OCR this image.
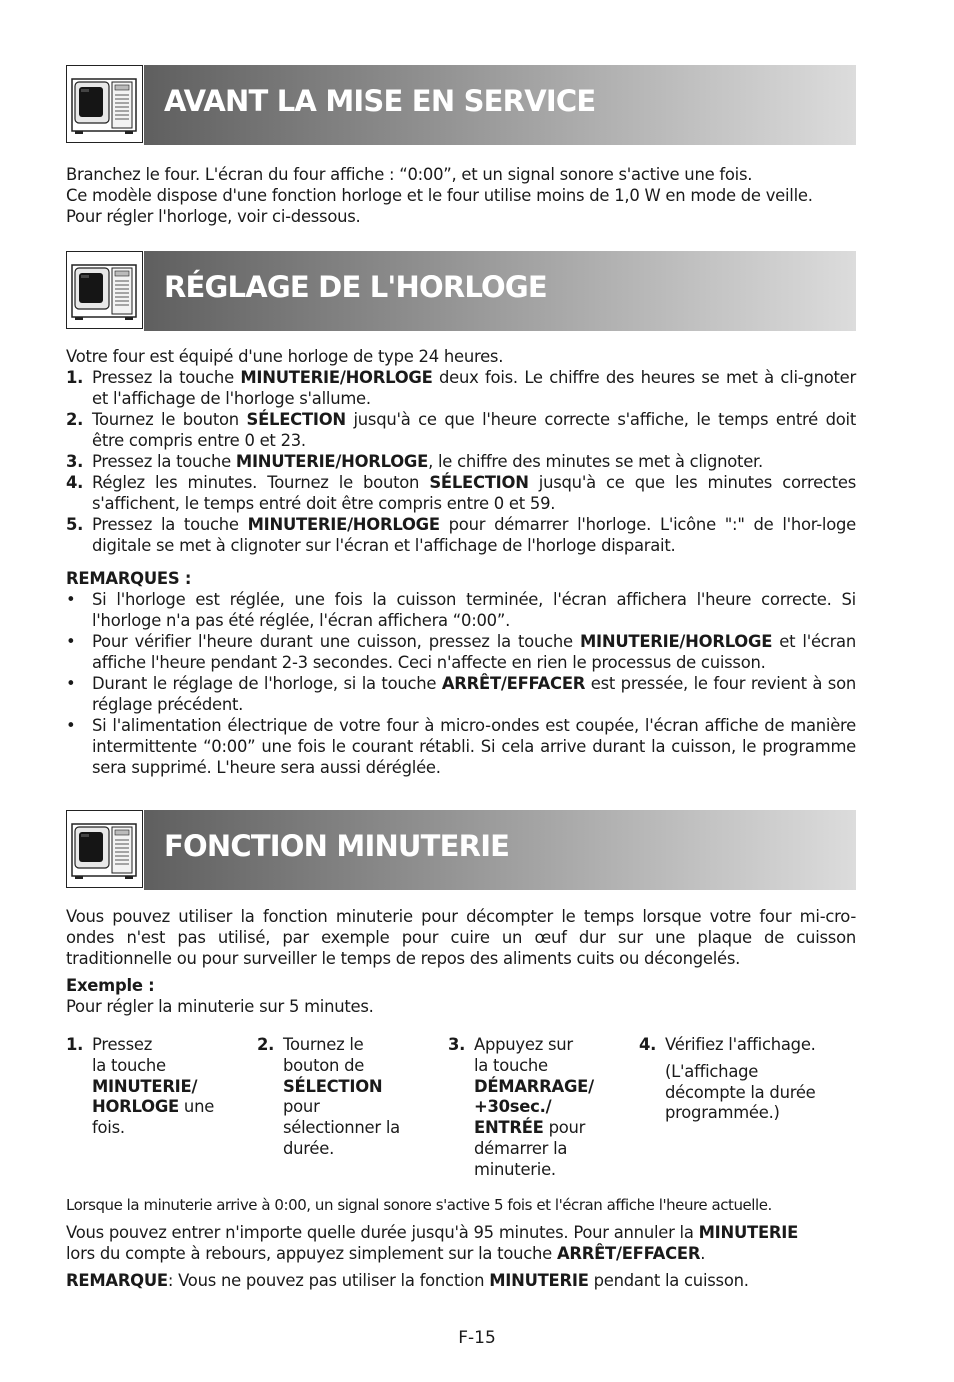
AVANT LA MISE EN SERVICE

Branchez le four. L'écran du four affiche : “0:00”, et un signal sonore s'active une fois.

Ce modèle dispose d'une fonction horloge et le four utilise moins de 1,0 W en mode de veille.

Pour régler l'horloge, voir ci-dessous.

RÉGLAGE DE L'HORLOGE

Votre four est équipé d'une horloge de type 24 heures.

1. Pressez la touche MINUTERIE/HORLOGE deux fois. Le chiffre des heures se met à cli-gnoter et l'affichage de l'horloge s'allume.
2. Tournez le bouton SÉLECTION jusqu'à ce que l'heure correcte s'affiche, le temps entré doit être compris entre 0 et 23.
3. Pressez la touche MINUTERIE/HORLOGE, le chiffre des minutes se met à clignoter.
4. Réglez les minutes. Tournez le bouton SÉLECTION jusqu'à ce que les minutes correctes s'affichent, le temps entré doit être compris entre 0 et 59.
5. Pressez la touche MINUTERIE/HORLOGE pour démarrer l'horloge. L'icône ":" de l'hor-loge digitale se met à clignoter sur l'écran et l'affichage de l'horloge disparait.

REMARQUES :

• Si l'horloge est réglée, une fois la cuisson terminée, l'écran affichera l'heure correcte. Si l'horloge n'a pas été réglée, l'écran affichera “0:00”.
• Pour vérifier l'heure durant une cuisson, pressez la touche MINUTERIE/HORLOGE et l'écran affiche l'heure pendant 2-3 secondes. Ceci n'affecte en rien le processus de cuisson.
• Durant le réglage de l'horloge, si la touche ARRÊT/EFFACER est pressée, le four revient à son réglage précédent.
• Si l'alimentation électrique de votre four à micro-ondes est coupée, l'écran affiche de manière intermittente “0:00” une fois le courant rétabli. Si cela arrive durant la cuisson, le programme sera supprimé. L'heure sera aussi déréglée.
FONCTION MINUTERIE

Vous pouvez utiliser la fonction minuterie pour décompter le temps lorsque votre four mi-cro-ondes n'est pas utilisé, par exemple pour cuire un œuf dur sur une plaque de cuisson traditionnelle ou pour surveiller le temps de repos des aliments cuits ou décongelés.

Exemple :

Pour régler la minuterie sur 5 minutes.

1. Pressez

la touche

MINUTERIE/

HORLOGE une

fois.

2. Tournez le

bouton de

SÉLECTION

pour

sélectionner la

durée.

3. Appuyez sur

la touche

DÉMARRAGE/

+30sec./

ENTRÉE pour

démarrer la

minuterie.

4. Vérifiez l'affichage.

(L'affichage

décompte la durée

programmée.)

Lorsque la minuterie arrive à 0:00, un signal sonore s'active 5 fois et l'écran affiche l'heure actuelle.

Vous pouvez entrer n'importe quelle durée jusqu'à 95 minutes. Pour annuler la MINUTERIE

lors du compte à rebours, appuyez simplement sur la touche ARRÊT/EFFACER.

REMARQUE: Vous ne pouvez pas utiliser la fonction MINUTERIE pendant la cuisson.

F-15
